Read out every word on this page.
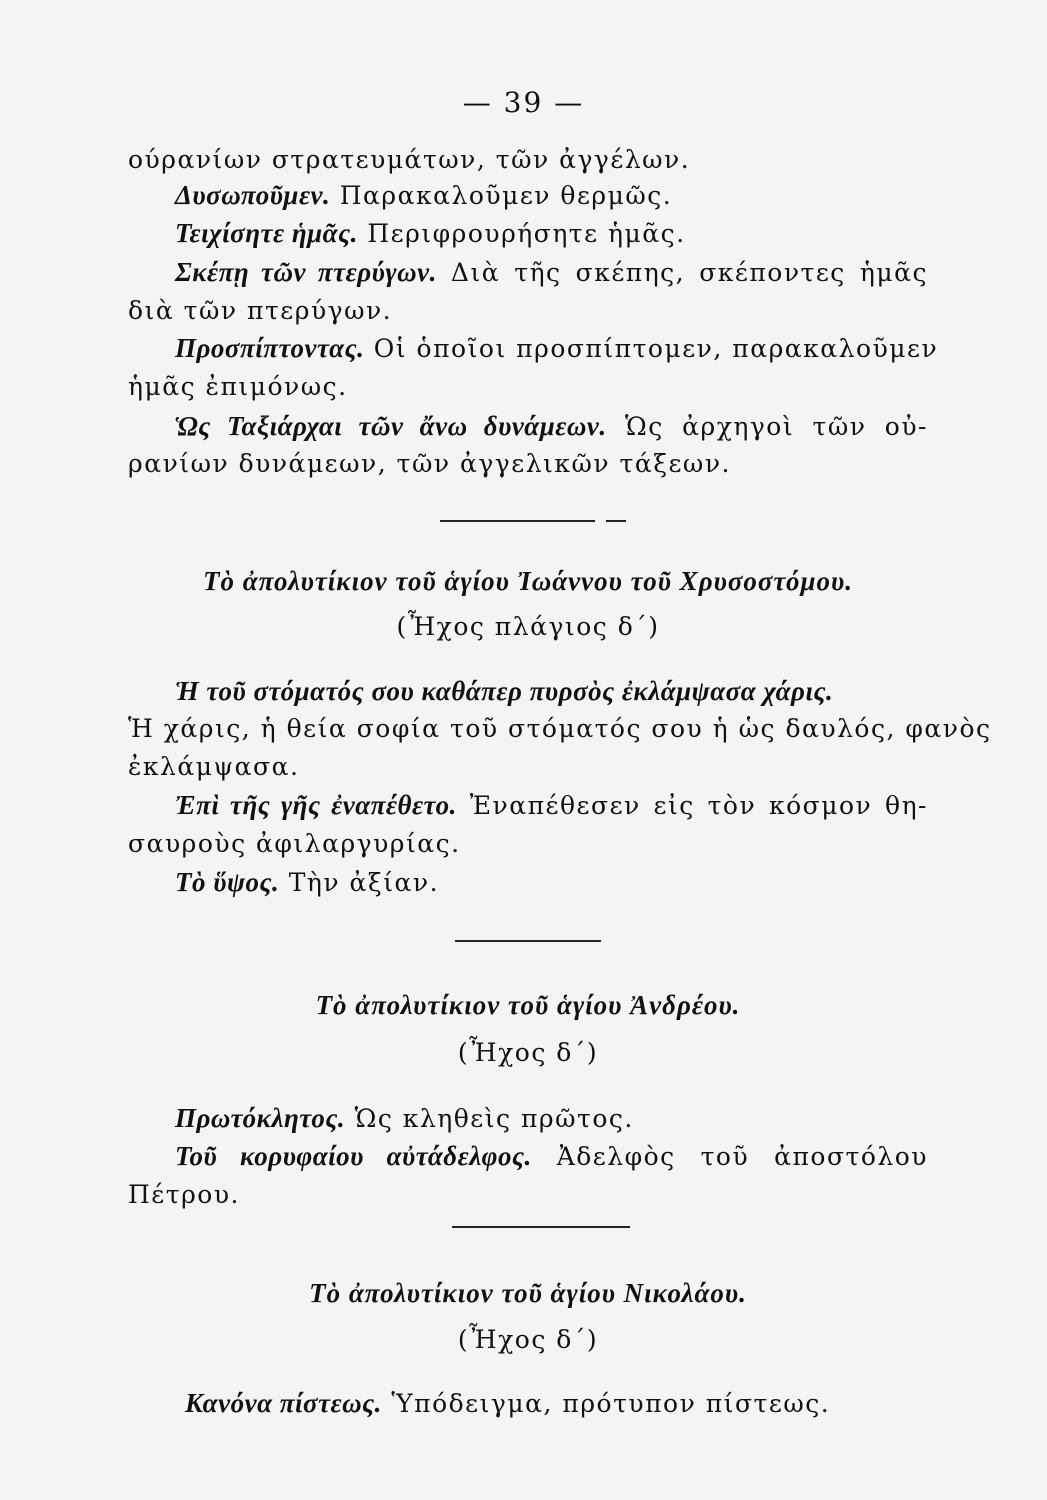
— 39 —
ούρανίων στρατευμάτων, τῶν ἀγγέλων.
Δυσωποῦμεν. Παρακαλοῦμεν θερμῶς.
Τειχίσητε ἡμᾶς. Περιφρουρήσητε ἡμᾶς.
Σκέπῃ τῶν πτερύγων. Διὰ τῆς σκέπης, σκέποντες ἡμᾶς
διὰ τῶν πτερύγων.
Προσπίπτοντας. Οἱ ὁποῖοι προσπίπτομεν, παρακαλοῦμεν
ἡμᾶς ἐπιμόνως.
Ὡς Ταξιάρχαι τῶν ἄνω δυνάμεων. Ὡς ἀρχηγοὶ τῶν οὐ-
ρανίων δυνάμεων, τῶν ἀγγελικῶν τάξεων.
Τὸ ἀπολυτίκιον τοῦ ἁγίου Ἰωάννου τοῦ Χρυσοστόμου.
(Ἦχος πλάγιος δ΄)
Ἡ τοῦ στόματός σου καθάπερ πυρσὸς ἐκλάμψασα χάρις.
Ἡ χάρις, ἡ θεία σοφία τοῦ στόματός σου ἡ ὡς δαυλός, φανὸς
ἐκλάμψασα.
Ἐπὶ τῆς γῆς ἐναπέθετο. Ἐναπέθεσεν εἰς τὸν κόσμον θη-
σαυροὺς ἀφιλαργυρίας.
Τὸ ὕψος. Τὴν ἀξίαν.
Τὸ ἀπολυτίκιον τοῦ ἁγίου Ἀνδρέου.
(Ἦχος δ΄)
Πρωτόκλητος. Ὡς κληθεὶς πρῶτος.
Τοῦ κορυφαίου αὐτάδελφος. Ἀδελφὸς τοῦ ἀποστόλου
Πέτρου.
Τὸ ἀπολυτίκιον τοῦ ἁγίου Νικολάου.
(Ἦχος δ΄)
Κανόνα πίστεως. Ὑπόδειγμα, πρότυπον πίστεως.
